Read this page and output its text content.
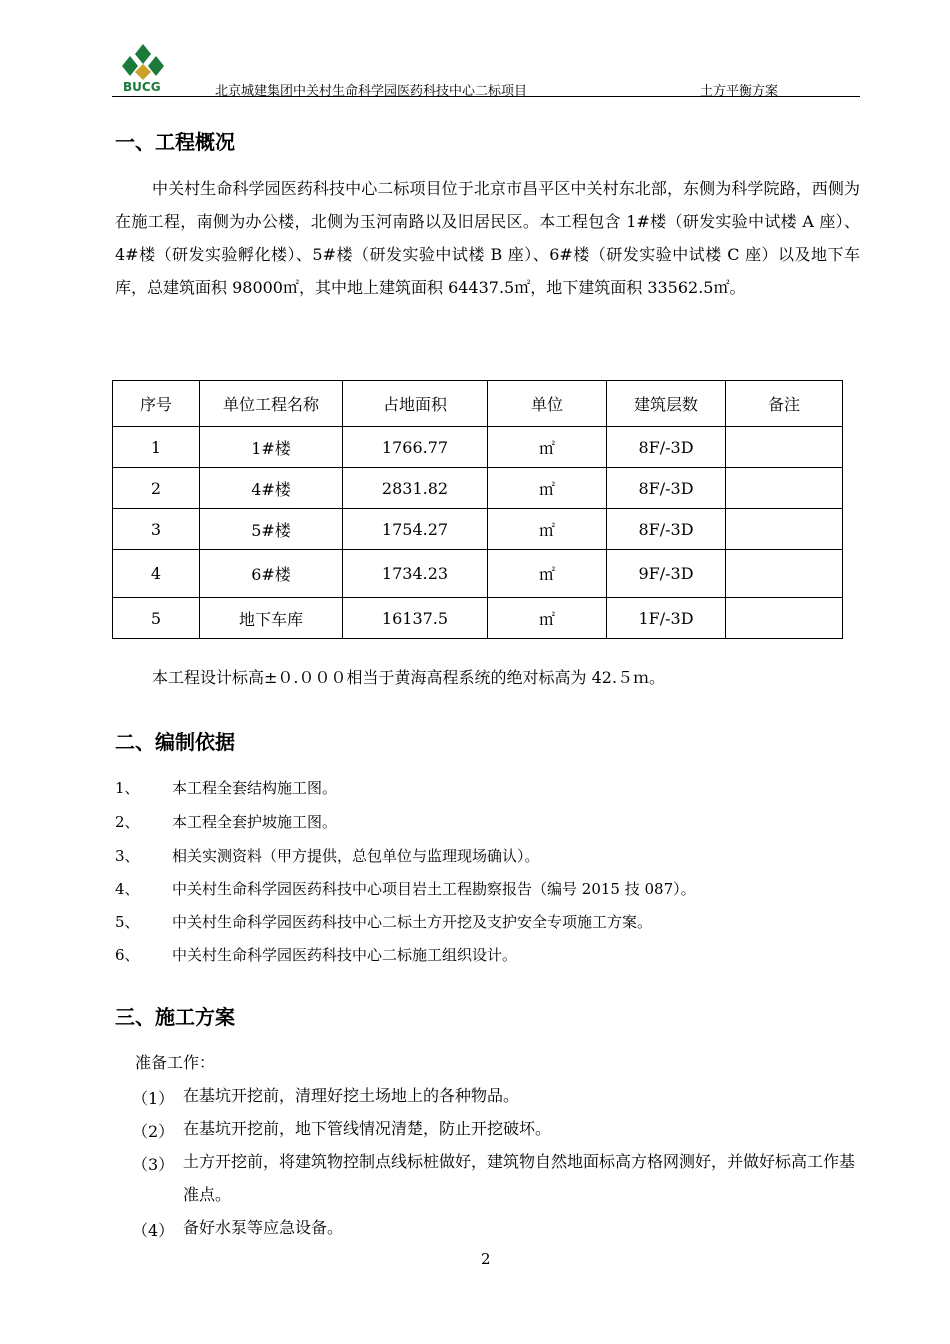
BUCG	北京城建集团中关村生命科学园医药科技中心二标项目	土方平衡方案
一、工程概况
中关村生命科学园医药科技中心二标项目位于北京市昌平区中关村东北部，东侧为科学院路，西侧为在施工程，南侧为办公楼，北侧为玉河南路以及旧居民区。本工程包含 1#楼（研发实验中试楼 A 座）、4#楼（研发实验孵化楼）、5#楼（研发实验中试楼 B 座）、6#楼（研发实验中试楼 C 座）以及地下车库，总建筑面积 98000㎡，其中地上建筑面积 64437.5㎡，地下建筑面积 33562.5㎡。
序号	单位工程名称	占地面积	单位	建筑层数	备注
1	1#楼	1766.77	㎡	8F/-3D	
2	4#楼	2831.82	㎡	8F/-3D	
3	5#楼	1754.27	㎡	8F/-3D	
4	6#楼	1734.23	㎡	9F/-3D	
5	地下车库	16137.5	㎡	1F/-3D	
本工程设计标高±０.０００相当于黄海高程系统的绝对标高为 42.５ｍ。
二、编制依据
1、 本工程全套结构施工图。
2、 本工程全套护坡施工图。
3、 相关实测资料（甲方提供，总包单位与监理现场确认）。
4、 中关村生命科学园医药科技中心项目岩土工程勘察报告（编号 2015 技 087）。
5、 中关村生命科学园医药科技中心二标土方开挖及支护安全专项施工方案。
6、 中关村生命科学园医药科技中心二标施工组织设计。
三、施工方案
准备工作：
（1） 在基坑开挖前，清理好挖土场地上的各种物品。
（2） 在基坑开挖前，地下管线情况清楚，防止开挖破坏。
（3） 土方开挖前，将建筑物控制点线标桩做好，建筑物自然地面标高方格网测好，并做好标高工作基准点。
（4） 备好水泵等应急设备。
2
